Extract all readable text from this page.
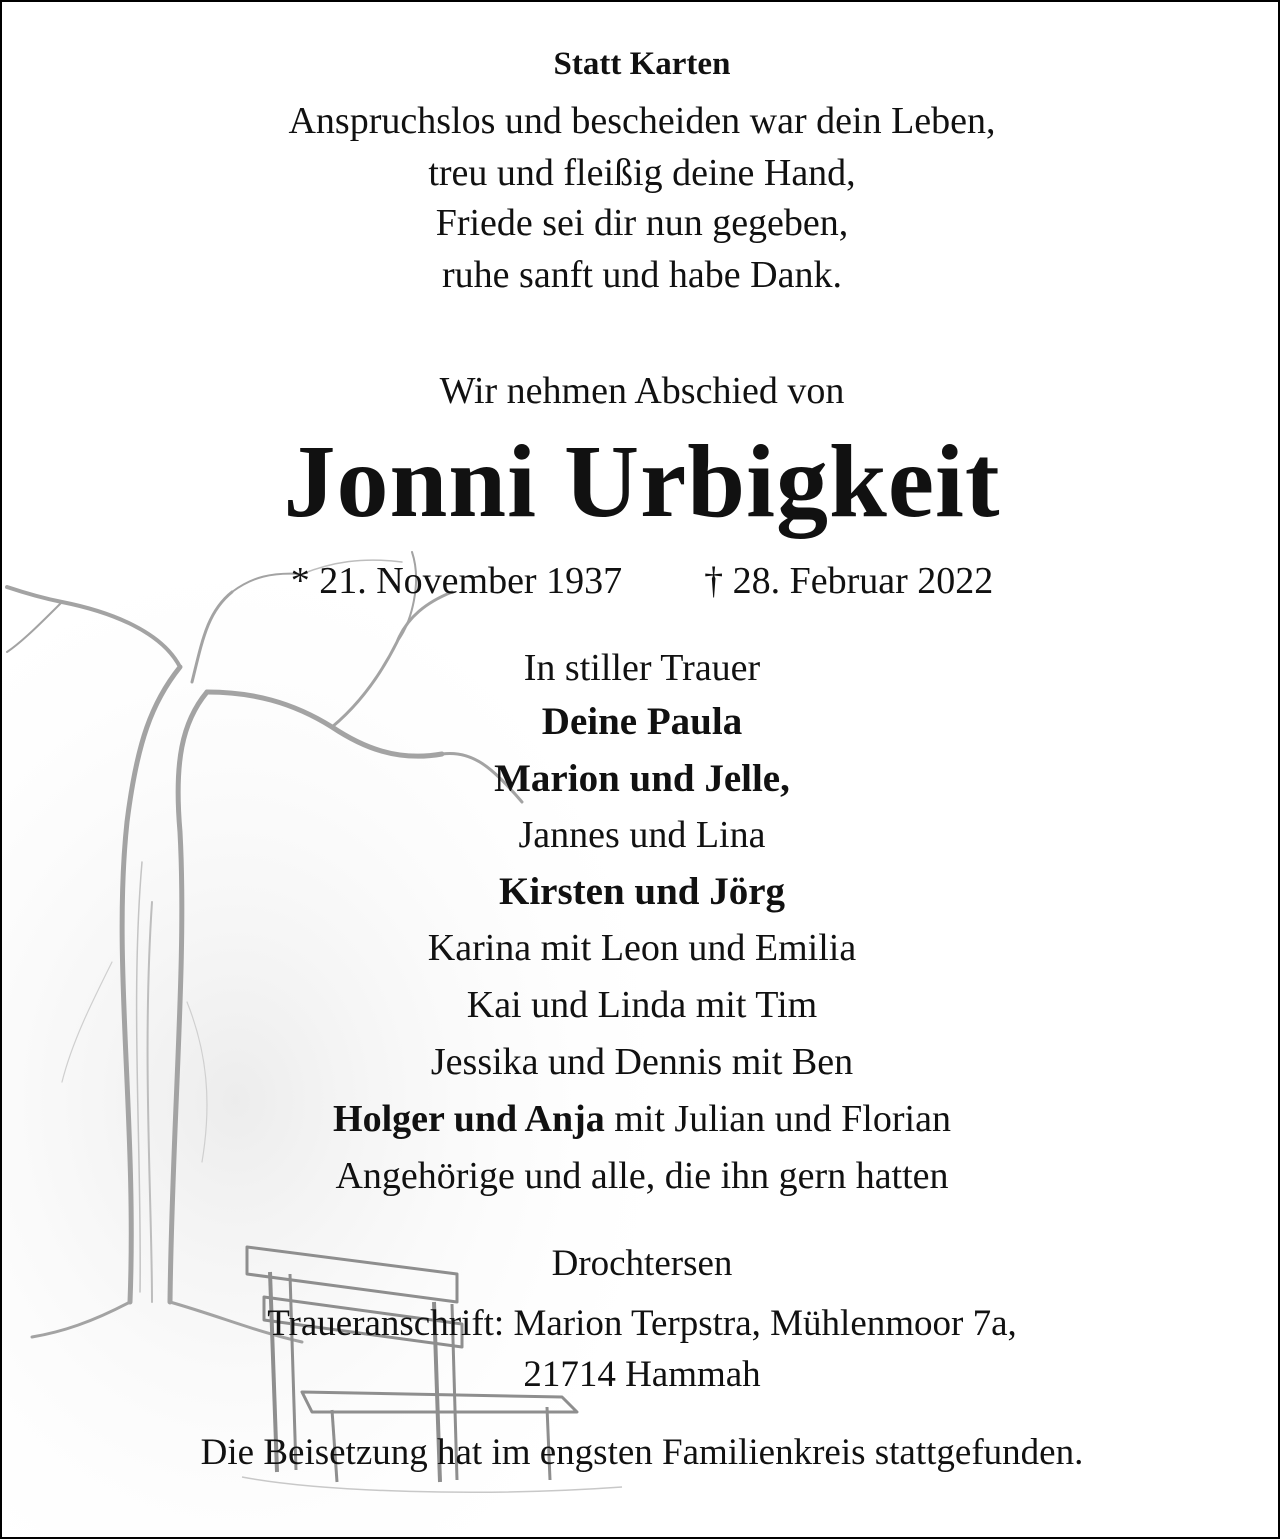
Statt Karten
Anspruchslos und bescheiden war dein Leben,
treu und fleißig deine Hand,
Friede sei dir nun gegeben,
ruhe sanft und habe Dank.
Wir nehmen Abschied von
Jonni Urbigkeit
* 21. November 1937 † 28. Februar 2022
In stiller Trauer
Deine Paula
Marion und Jelle,
Jannes und Lina
Kirsten und Jörg
Karina mit Leon und Emilia
Kai und Linda mit Tim
Jessika und Dennis mit Ben
Holger und Anja mit Julian und Florian
Angehörige und alle, die ihn gern hatten
Drochtersen
Traueranschrift: Marion Terpstra, Mühlenmoor 7a,
21714 Hammah
Die Beisetzung hat im engsten Familienkreis stattgefunden.
